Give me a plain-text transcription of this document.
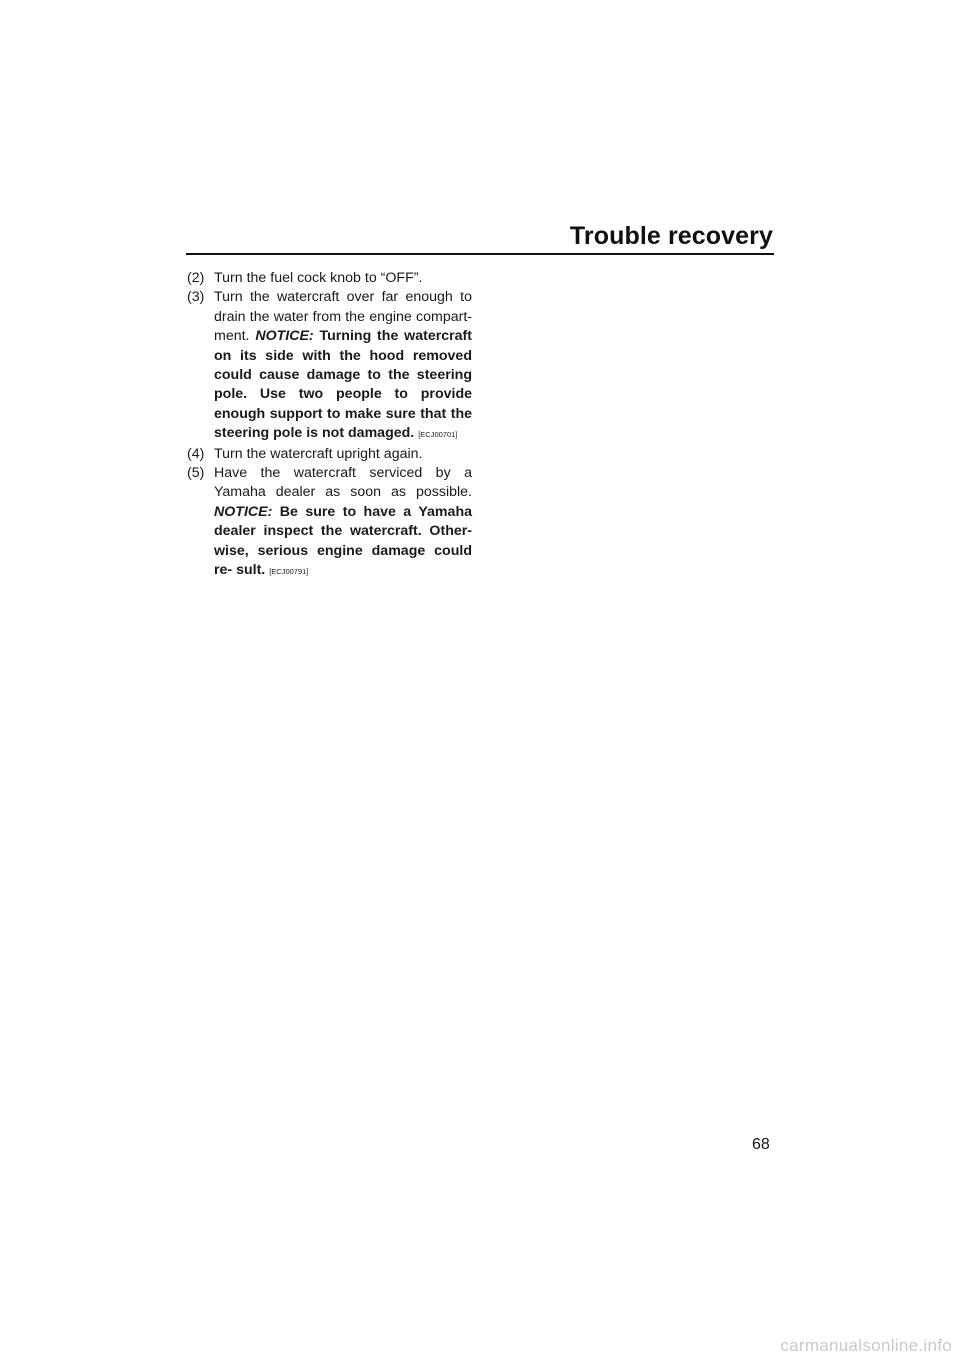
Trouble recovery
(2) Turn the fuel cock knob to “OFF”.
(3) Turn the watercraft over far enough to drain the water from the engine compart- ment. NOTICE: Turning the watercraft on its side with the hood removed could cause damage to the steering pole. Use two people to provide enough support to make sure that the steering pole is not damaged. [ECJ00701]
(4) Turn the watercraft upright again.
(5) Have the watercraft serviced by a Yamaha dealer as soon as possible. NOTICE: Be sure to have a Yamaha dealer inspect the watercraft. Other- wise, serious engine damage could re- sult. [ECJ00791]
68
carmanualsonline.info
